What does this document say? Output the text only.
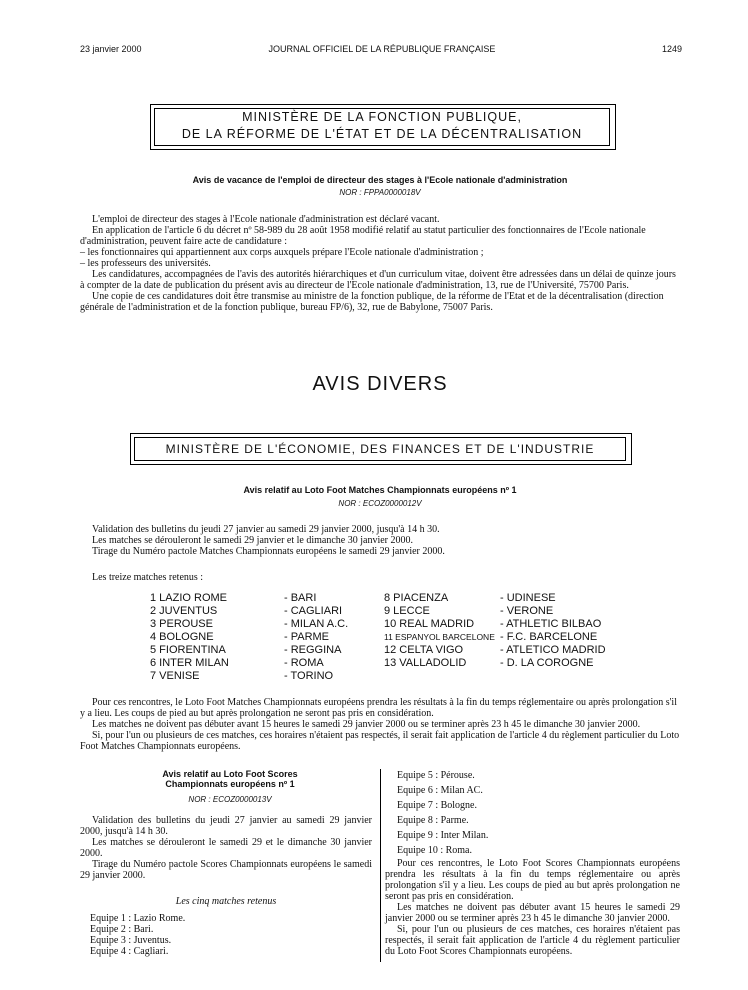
23 janvier 2000	JOURNAL OFFICIEL DE LA RÉPUBLIQUE FRANÇAISE	1249
MINISTÈRE DE LA FONCTION PUBLIQUE,
DE LA RÉFORME DE L'ÉTAT ET DE LA DÉCENTRALISATION
Avis de vacance de l'emploi de directeur des stages à l'Ecole nationale d'administration
NOR : FPPA0000018V

L'emploi de directeur des stages à l'Ecole nationale d'administration est déclaré vacant.

En application de l'article 6 du décret nº 58-989 du 28 août 1958 modifié relatif au statut particulier des fonctionnaires de l'Ecole nationale d'administration, peuvent faire acte de candidature :

– les fonctionnaires qui appartiennent aux corps auxquels prépare l'Ecole nationale d'administration ;

– les professeurs des universités.

Les candidatures, accompagnées de l'avis des autorités hiérarchiques et d'un curriculum vitae, doivent être adressées dans un délai de quinze jours à compter de la date de publication du présent avis au directeur de l'Ecole nationale d'administration, 13, rue de l'Université, 75700 Paris.

Une copie de ces candidatures doit être transmise au ministre de la fonction publique, de la réforme de l'Etat et de la décentralisation (direction générale de l'administration et de la fonction publique, bureau FP/6), 32, rue de Babylone, 75007 Paris.

AVIS DIVERS
MINISTÈRE DE L'ÉCONOMIE, DES FINANCES ET DE L'INDUSTRIE
Avis relatif au Loto Foot Matches Championnats européens nº 1
NOR : ECOZ0000012V

Validation des bulletins du jeudi 27 janvier au samedi 29 janvier 2000, jusqu'à 14 h 30.

Les matches se dérouleront le samedi 29 janvier et le dimanche 30 janvier 2000.

Tirage du Numéro pactole Matches Championnats européens le samedi 29 janvier 2000.

Les treize matches retenus :
1 LAZIO ROME
2 JUVENTUS
3 PEROUSE
4 BOLOGNE
5 FIORENTINA
6 INTER MILAN
7 VENISE
- BARI
- CAGLIARI
- MILAN A.C.
- PARME
- REGGINA
- ROMA
- TORINO
8 PIACENZA
9 LECCE
10 REAL MADRID
11 ESPANYOL BARCELONE
12 CELTA VIGO
13 VALLADOLID
- UDINESE
- VERONE
- ATHLETIC BILBAO
- F.C. BARCELONE
- ATLETICO MADRID
- D. LA COROGNE

Pour ces rencontres, le Loto Foot Matches Championnats européens prendra les résultats à la fin du temps réglementaire ou après prolongation s'il y a lieu. Les coups de pied au but après prolongation ne seront pas pris en considération.

Les matches ne doivent pas débuter avant 15 heures le samedi 29 janvier 2000 ou se terminer après 23 h 45 le dimanche 30 janvier 2000.

Si, pour l'un ou plusieurs de ces matches, ces horaires n'étaient pas respectés, il serait fait application de l'article 4 du règlement particulier du Loto Foot Matches Championnats européens.

Avis relatif au Loto Foot Scores
Championnats européens nº 1
NOR : ECOZ0000013V

Validation des bulletins du jeudi 27 janvier au samedi 29 janvier 2000, jusqu'à 14 h 30.

Les matches se dérouleront le samedi 29 et le dimanche 30 janvier 2000.

Tirage du Numéro pactole Scores Championnats européens le samedi 29 janvier 2000.

Les cinq matches retenus

Equipe 1 : Lazio Rome.

Equipe 2 : Bari.

Equipe 3 : Juventus.

Equipe 4 : Cagliari.

Equipe 5 : Pérouse.

Equipe 6 : Milan AC.

Equipe 7 : Bologne.

Equipe 8 : Parme.

Equipe 9 : Inter Milan.

Equipe 10 : Roma.

Pour ces rencontres, le Loto Foot Scores Championnats européens prendra les résultats à la fin du temps réglementaire ou après prolongation s'il y a lieu. Les coups de pied au but après prolongation ne seront pas pris en considération.

Les matches ne doivent pas débuter avant 15 heures le samedi 29 janvier 2000 ou se terminer après 23 h 45 le dimanche 30 janvier 2000.

Si, pour l'un ou plusieurs de ces matches, ces horaires n'étaient pas respectés, il serait fait application de l'article 4 du règlement particulier du Loto Foot Scores Championnats européens.
